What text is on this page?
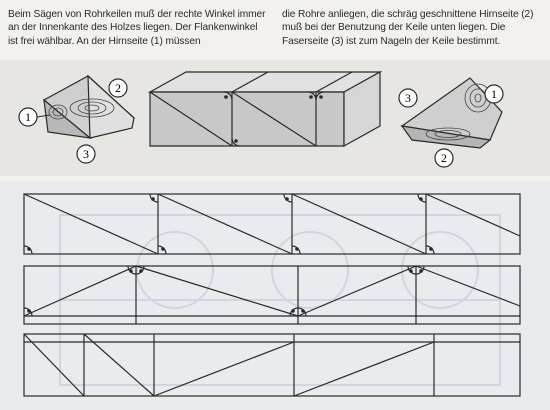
Beim Sägen von Rohrkeilen muß der rechte Winkel immer an der Innenkante des Holzes liegen. Der Flankenwinkel ist frei wählbar. An der Hirnseite (1) müssen
die Rohre anliegen, die schräg geschnittene Hirnseite (2) muß bei der Benutzung der Keile unten liegen. Die Faserseite (3) ist zum Nageln der Keile bestimmt.
1
2
3
3	1
2
